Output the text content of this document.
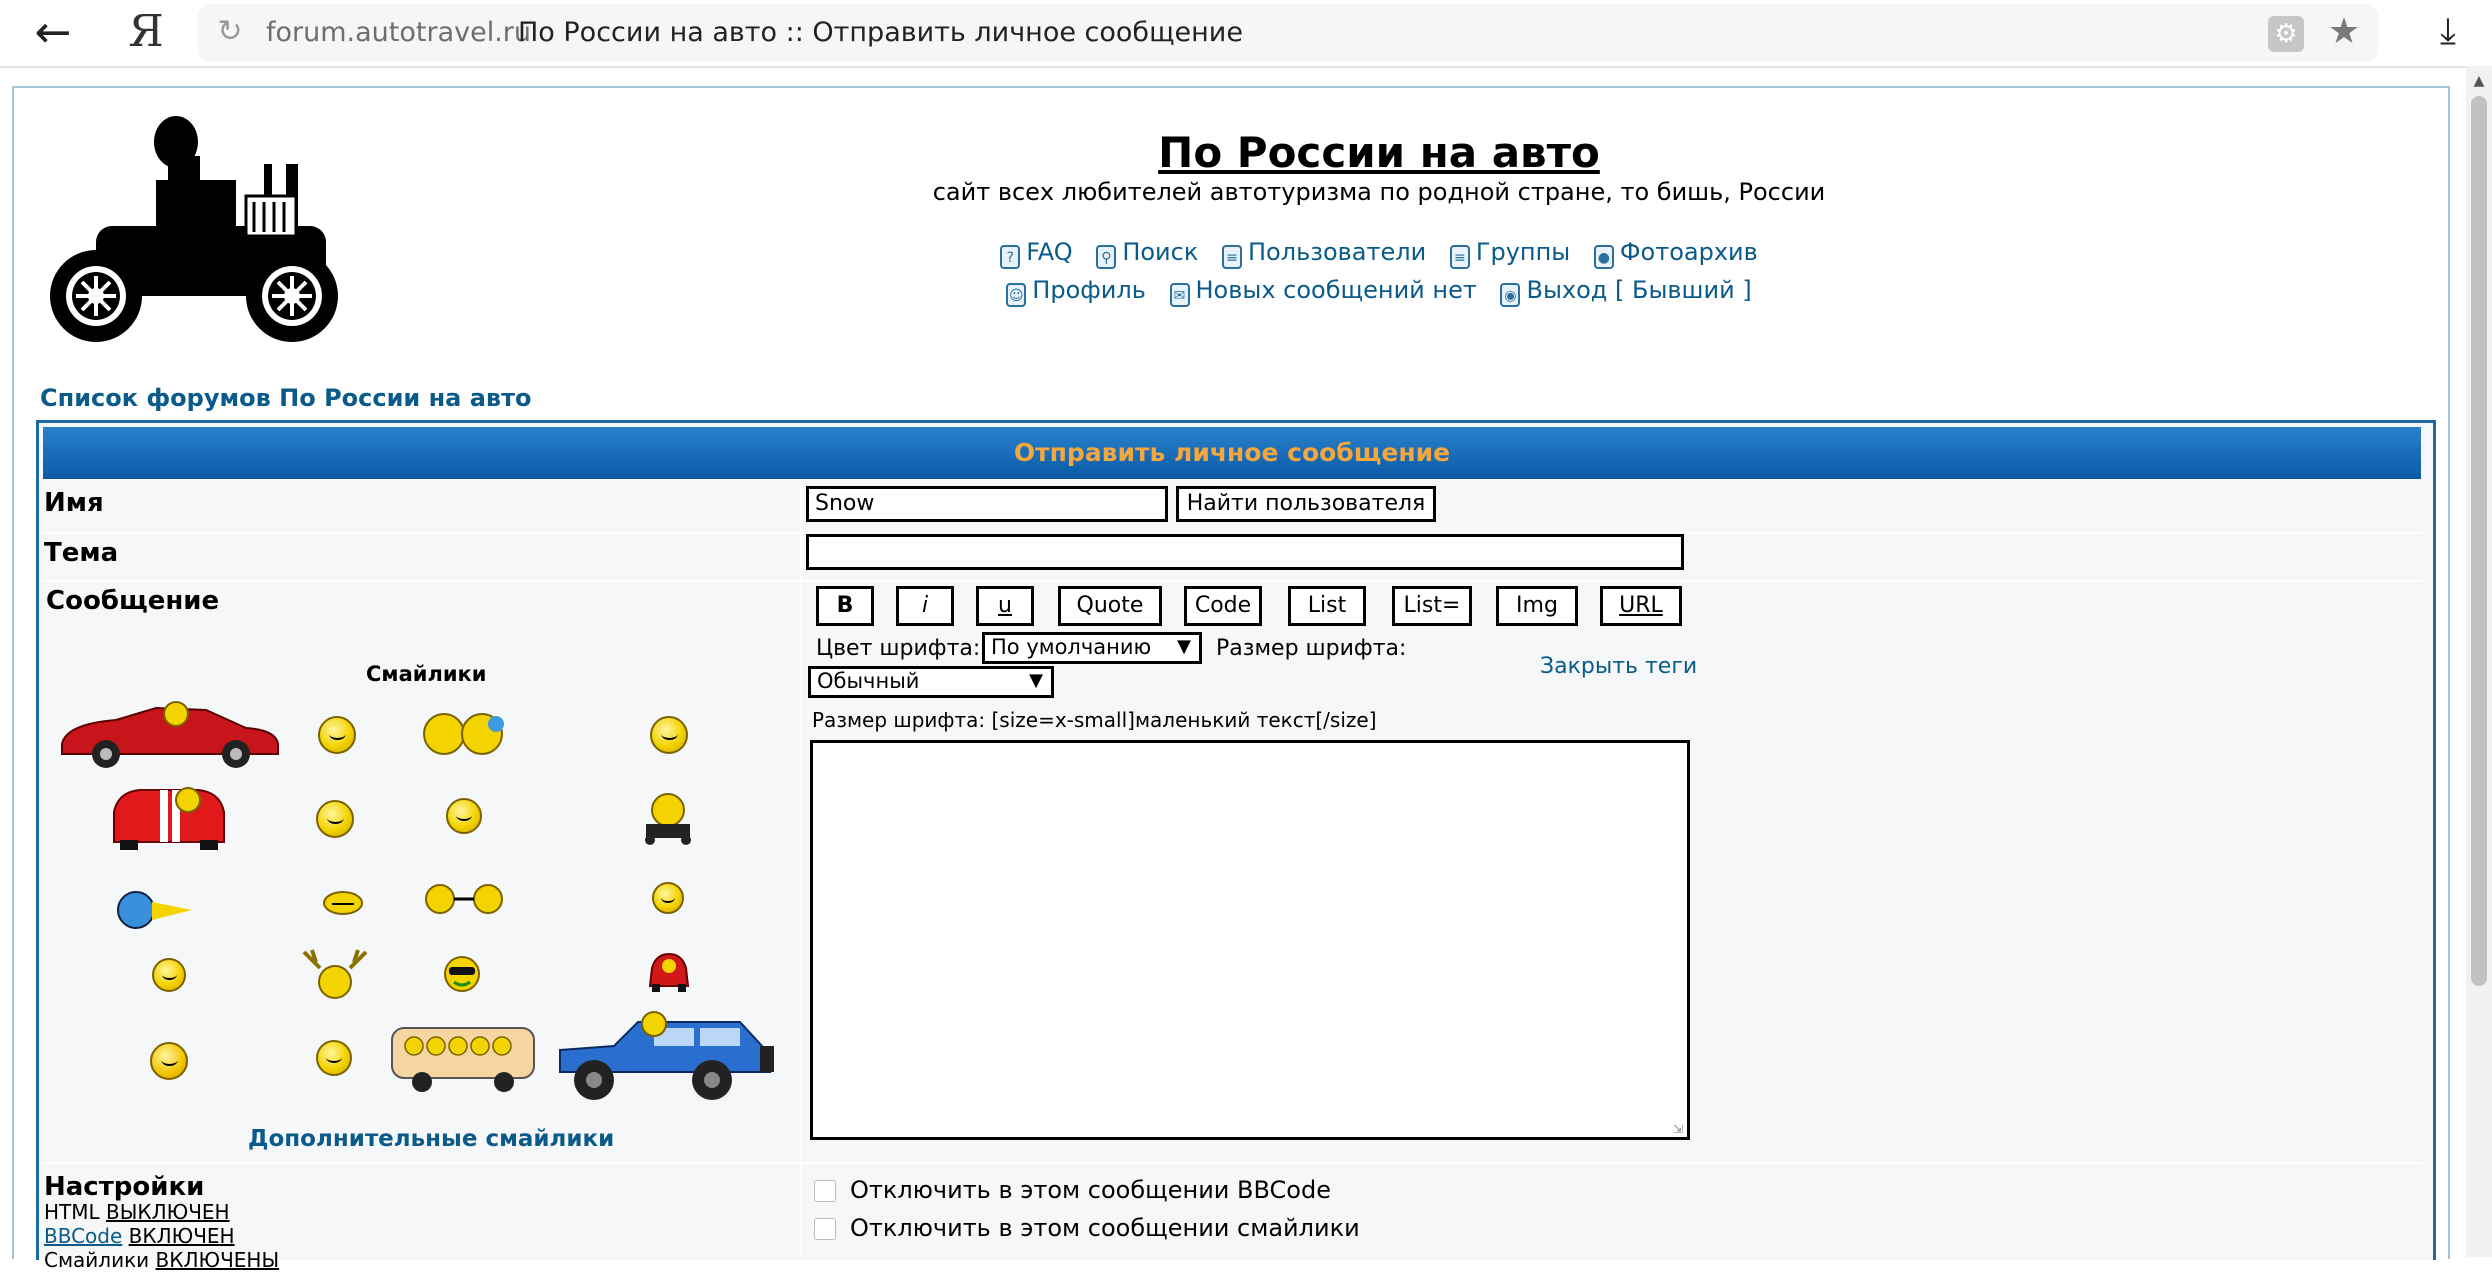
← Я ↻ forum.autotravel.ru
По России на авто :: Отправить личное сообщение	⚙ ★ ⤓
▲
По России на авто
сайт всех любителей автотуризма по родной стране, то бишь, России
? FAQ ⚲ Поиск ≡ Пользователи ≡ Группы ● Фотоархив
☺ Профиль ✉ Новых сообщений нет ◉ Выход [ Бывший ]
Список форумов По России на авто
Отправить личное сообщение
Имя	Snow	Найти пользователя
Тема
Сообщение	B	i	u	Quote	Code	List	List=	Img	URL
Цвет шрифта: По умолчанию ▼ Размер шрифта:
Закрыть теги
Обычный	▼
Размер шрифта: [size=x-small]маленький текст[/size]
⇲
Смайлики
Дополнительные смайлики
Настройки
HTML ВЫКЛЮЧЕН
BBCode ВКЛЮЧЕН
Смайлики ВКЛЮЧЕНЫ
Отключить в этом сообщении BBCode
Отключить в этом сообщении смайлики
